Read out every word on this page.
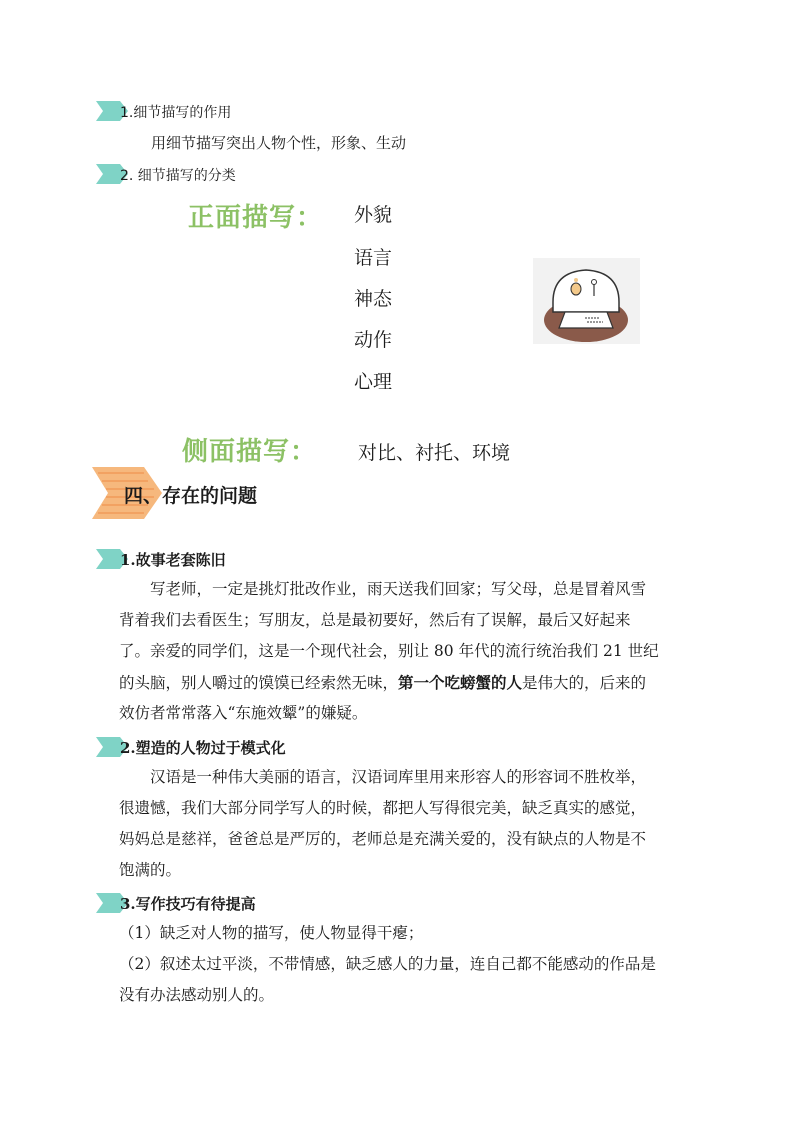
1.细节描写的作用
用细节描写突出人物个性，形象、生动
2. 细节描写的分类
正面描写： 外貌
语言
神态
动作
心理
侧面描写： 对比、衬托、环境
四、存在的问题
1.故事老套陈旧
写老师，一定是挑灯批改作业，雨天送我们回家；写父母，总是冒着风雪
背着我们去看医生；写朋友，总是最初要好，然后有了误解，最后又好起来
了。亲爱的同学们，这是一个现代社会，别让 80 年代的流行统治我们 21 世纪
的头脑，别人嚼过的馍馍已经索然无味，第一个吃螃蟹的人是伟大的，后来的
效仿者常常落入“东施效颦”的嫌疑。
2.塑造的人物过于模式化
汉语是一种伟大美丽的语言，汉语词库里用来形容人的形容词不胜枚举，
很遗憾，我们大部分同学写人的时候，都把人写得很完美，缺乏真实的感觉，
妈妈总是慈祥，爸爸总是严厉的，老师总是充满关爱的，没有缺点的人物是不
饱满的。
3.写作技巧有待提高
（1）缺乏对人物的描写，使人物显得干瘪；
（2）叙述太过平淡，不带情感，缺乏感人的力量，连自己都不能感动的作品是
没有办法感动别人的。
